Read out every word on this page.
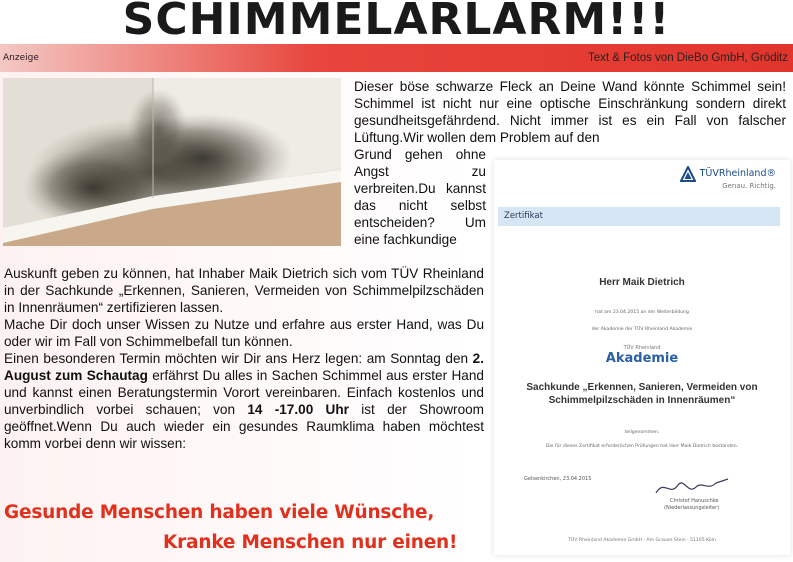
SCHIMMELARLARM!!!
Anzeige	Text & Fotos von DieBo GmbH, Gröditz
Dieser böse schwarze Fleck an Deine Wand könnte Schimmel sein! Schimmel ist nicht nur eine optische Einschränkung sondern direkt gesundheitsgefährdend. Nicht immer ist es ein Fall von falscher Lüftung.Wir wollen dem Problem auf den
Grund gehen ohne Angst zu verbreiten.Du kannst das nicht selbst entscheiden? Um eine fachkundige

Auskunft geben zu können, hat Inhaber Maik Dietrich sich vom TÜV Rheinland in der Sachkunde „Erkennen, Sanieren, Vermeiden von Schimmelpilzschäden in Innenräumen“ zertifizieren lassen.

Mache Dir doch unser Wissen zu Nutze und erfahre aus erster Hand, was Du oder wir im Fall von Schimmelbefall tun können.

Einen besonderen Termin möchten wir Dir ans Herz legen: am Sonntag den 2. August zum Schautag erfährst Du alles in Sachen Schimmel aus erster Hand und kannst einen Beratungstermin Vorort vereinbaren. Einfach kostenlos und unverbindlich vorbei schauen; von 14 -17.00 Uhr ist der Showroom geöffnet.Wenn Du auch wieder ein gesundes Raumklima haben möchtest komm vorbei denn wir wissen:

Gesunde Menschen haben viele Wünsche,
Kranke Menschen nur einen!
TÜVRheinland®
Genau. Richtig.
Zertifikat
Herr Maik Dietrich
hat am 23.04.2015 an der Weiterbildung
der Akademie der TÜV Rheinland Akademie
TÜV Rheinland
Akademie
Sachkunde „Erkennen, Sanieren, Vermeiden von Schimmelpilzschäden in Innenräumen“
teilgenommen.
Die für dieses Zertifikat erforderlichen Prüfungen hat Herr Maik Dietrich bestanden.
Gelsenkirchen, 23.04.2015
Christof Hanuschke
(Niederlassungsleiter)
TÜV Rheinland Akademie GmbH · Am Grauen Stein · 51105 Köln
